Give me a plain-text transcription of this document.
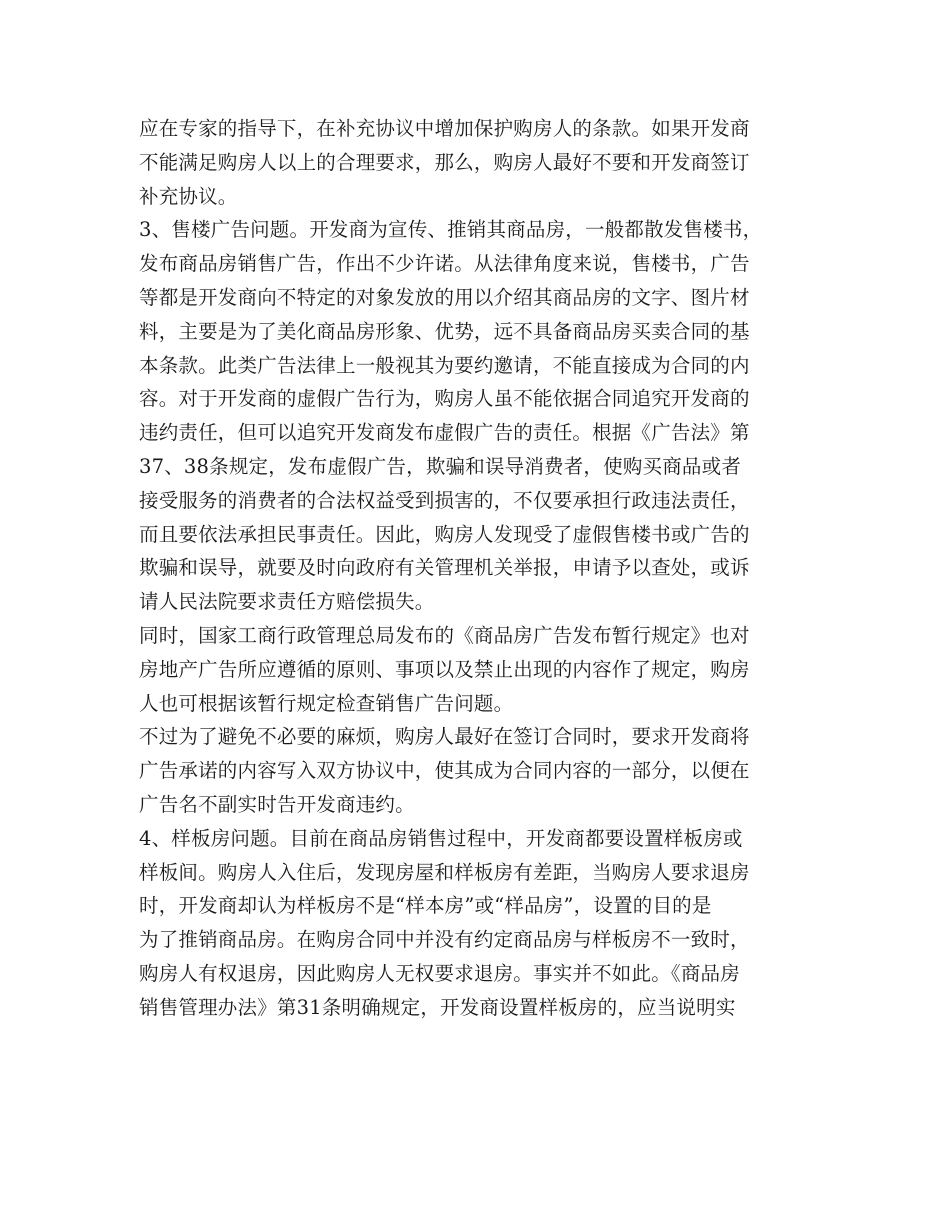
应在专家的指导下，在补充协议中增加保护购房人的条款。如果开发商
不能满足购房人以上的合理要求，那么，购房人最好不要和开发商签订
补充协议。
3、售楼广告问题。开发商为宣传、推销其商品房，一般都散发售楼书，
发布商品房销售广告，作出不少许诺。从法律角度来说，售楼书，广告
等都是开发商向不特定的对象发放的用以介绍其商品房的文字、图片材
料，主要是为了美化商品房形象、优势，远不具备商品房买卖合同的基
本条款。此类广告法律上一般视其为要约邀请，不能直接成为合同的内
容。对于开发商的虚假广告行为，购房人虽不能依据合同追究开发商的
违约责任，但可以追究开发商发布虚假广告的责任。根据《广告法》第
37、38条规定，发布虚假广告，欺骗和误导消费者，使购买商品或者
接受服务的消费者的合法权益受到损害的，不仅要承担行政违法责任，
而且要依法承担民事责任。因此，购房人发现受了虚假售楼书或广告的
欺骗和误导，就要及时向政府有关管理机关举报，申请予以查处，或诉
请人民法院要求责任方赔偿损失。
同时，国家工商行政管理总局发布的《商品房广告发布暂行规定》也对
房地产广告所应遵循的原则、事项以及禁止出现的内容作了规定，购房
人也可根据该暂行规定检查销售广告问题。
不过为了避免不必要的麻烦，购房人最好在签订合同时，要求开发商将
广告承诺的内容写入双方协议中，使其成为合同内容的一部分，以便在
广告名不副实时告开发商违约。
4、样板房问题。目前在商品房销售过程中，开发商都要设置样板房或
样板间。购房人入住后，发现房屋和样板房有差距，当购房人要求退房
时，开发商却认为样板房不是“样本房”或“样品房”，设置的目的是
为了推销商品房。在购房合同中并没有约定商品房与样板房不一致时，
购房人有权退房，因此购房人无权要求退房。事实并不如此。《商品房
销售管理办法》第31条明确规定，开发商设置样板房的，应当说明实
